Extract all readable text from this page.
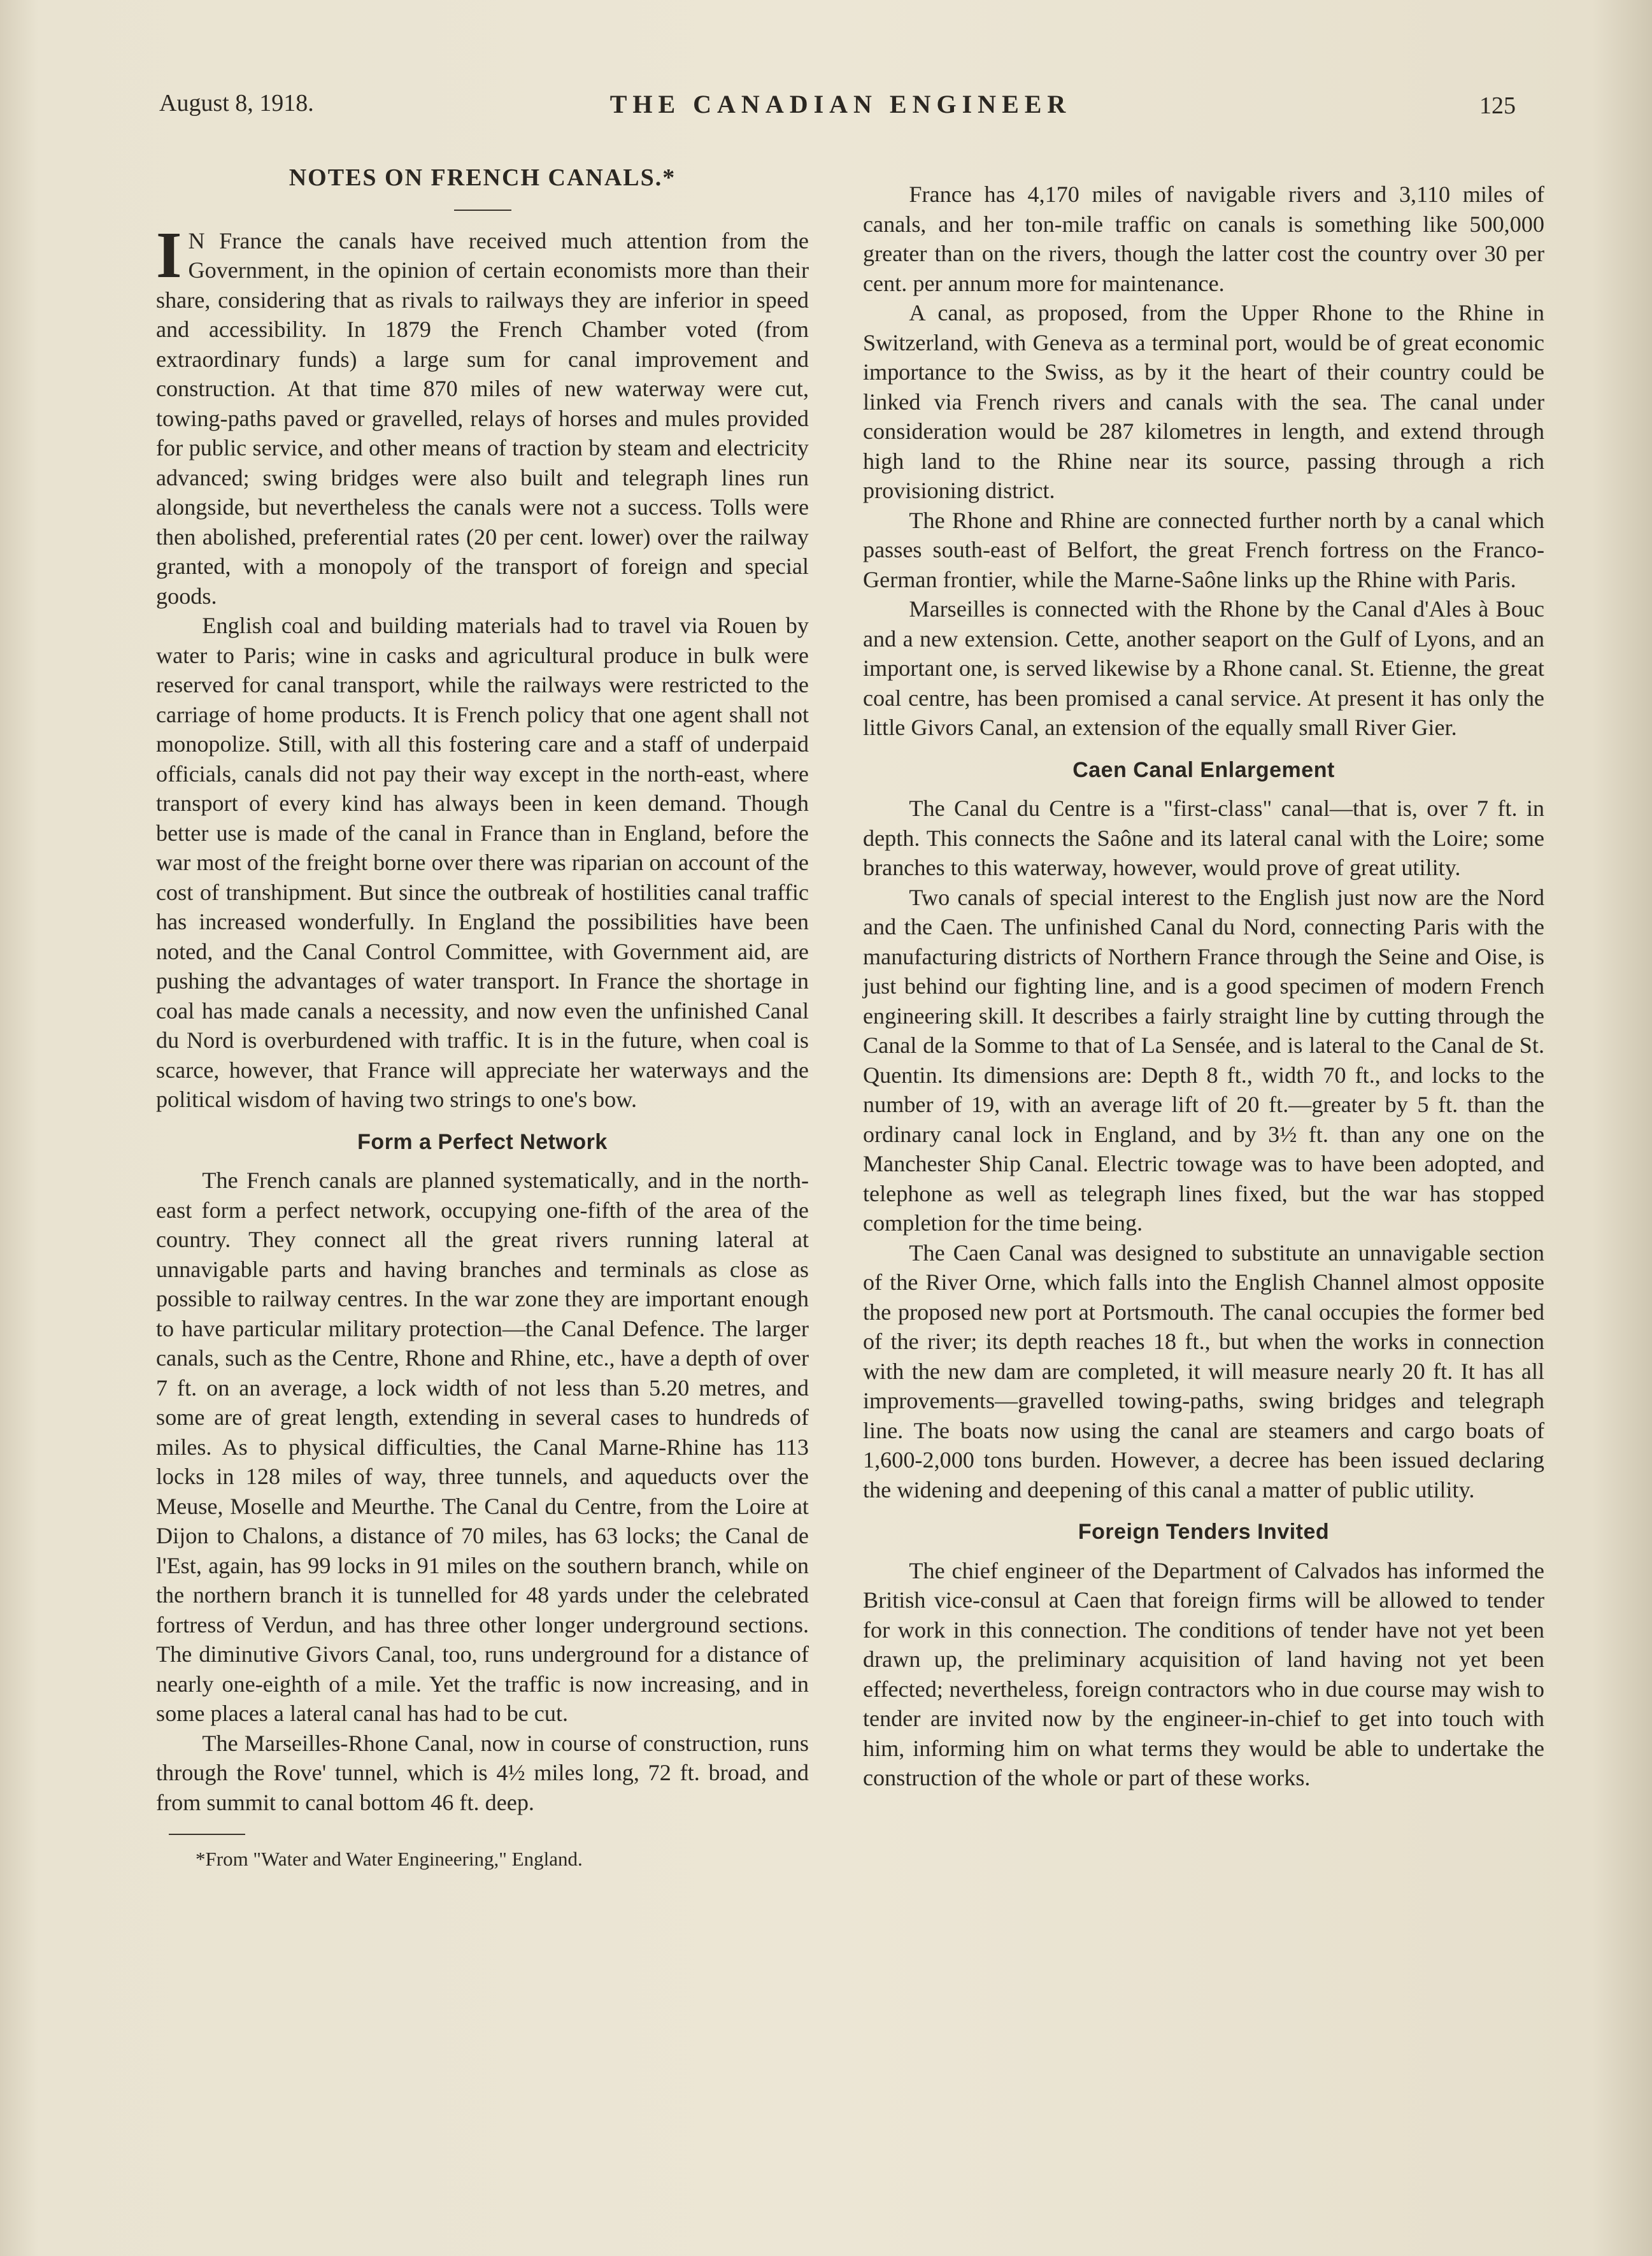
August 8, 1918.	THE CANADIAN ENGINEER	125
NOTES ON FRENCH CANALS.*

I N France the canals have received much attention from the Government, in the opinion of certain economists more than their share, considering that as rivals to railways they are inferior in speed and accessibility. In 1879 the French Chamber voted (from extraordinary funds) a large sum for canal improvement and construction. At that time 870 miles of new waterway were cut, towing-paths paved or gravelled, relays of horses and mules provided for public service, and other means of traction by steam and electricity advanced; swing bridges were also built and telegraph lines run alongside, but nevertheless the canals were not a success. Tolls were then abolished, preferential rates (20 per cent. lower) over the railway granted, with a monopoly of the transport of foreign and special goods.

English coal and building materials had to travel via Rouen by water to Paris; wine in casks and agricultural produce in bulk were reserved for canal transport, while the railways were restricted to the carriage of home products. It is French policy that one agent shall not monopolize. Still, with all this fostering care and a staff of underpaid officials, canals did not pay their way except in the north-east, where transport of every kind has always been in keen demand. Though better use is made of the canal in France than in England, before the war most of the freight borne over there was riparian on account of the cost of transhipment. But since the outbreak of hostilities canal traffic has increased wonderfully. In England the possibilities have been noted, and the Canal Control Committee, with Government aid, are pushing the advantages of water transport. In France the shortage in coal has made canals a necessity, and now even the unfinished Canal du Nord is overburdened with traffic. It is in the future, when coal is scarce, however, that France will appreciate her waterways and the political wisdom of having two strings to one's bow.

Form a Perfect Network

The French canals are planned systematically, and in the north-east form a perfect network, occupying one-fifth of the area of the country. They connect all the great rivers running lateral at unnavigable parts and having branches and terminals as close as possible to railway centres. In the war zone they are important enough to have particular military protection—the Canal Defence. The larger canals, such as the Centre, Rhone and Rhine, etc., have a depth of over 7 ft. on an average, a lock width of not less than 5.20 metres, and some are of great length, extending in several cases to hundreds of miles. As to physical difficulties, the Canal Marne-Rhine has 113 locks in 128 miles of way, three tunnels, and aqueducts over the Meuse, Moselle and Meurthe. The Canal du Centre, from the Loire at Dijon to Chalons, a distance of 70 miles, has 63 locks; the Canal de l'Est, again, has 99 locks in 91 miles on the southern branch, while on the northern branch it is tunnelled for 48 yards under the celebrated fortress of Verdun, and has three other longer underground sections. The diminutive Givors Canal, too, runs underground for a distance of nearly one-eighth of a mile. Yet the traffic is now increasing, and in some places a lateral canal has had to be cut.

The Marseilles-Rhone Canal, now in course of construction, runs through the Rove' tunnel, which is 4½ miles long, 72 ft. broad, and from summit to canal bottom 46 ft. deep.

*From "Water and Water Engineering," England.

France has 4,170 miles of navigable rivers and 3,110 miles of canals, and her ton-mile traffic on canals is something like 500,000 greater than on the rivers, though the latter cost the country over 30 per cent. per annum more for maintenance.

A canal, as proposed, from the Upper Rhone to the Rhine in Switzerland, with Geneva as a terminal port, would be of great economic importance to the Swiss, as by it the heart of their country could be linked via French rivers and canals with the sea. The canal under consideration would be 287 kilometres in length, and extend through high land to the Rhine near its source, passing through a rich provisioning district.

The Rhone and Rhine are connected further north by a canal which passes south-east of Belfort, the great French fortress on the Franco-German frontier, while the Marne-Saône links up the Rhine with Paris.

Marseilles is connected with the Rhone by the Canal d'Ales à Bouc and a new extension. Cette, another seaport on the Gulf of Lyons, and an important one, is served likewise by a Rhone canal. St. Etienne, the great coal centre, has been promised a canal service. At present it has only the little Givors Canal, an extension of the equally small River Gier.

Caen Canal Enlargement

The Canal du Centre is a "first-class" canal—that is, over 7 ft. in depth. This connects the Saône and its lateral canal with the Loire; some branches to this waterway, however, would prove of great utility.

Two canals of special interest to the English just now are the Nord and the Caen. The unfinished Canal du Nord, connecting Paris with the manufacturing districts of Northern France through the Seine and Oise, is just behind our fighting line, and is a good specimen of modern French engineering skill. It describes a fairly straight line by cutting through the Canal de la Somme to that of La Sensée, and is lateral to the Canal de St. Quentin. Its dimensions are: Depth 8 ft., width 70 ft., and locks to the number of 19, with an average lift of 20 ft.—greater by 5 ft. than the ordinary canal lock in England, and by 3½ ft. than any one on the Manchester Ship Canal. Electric towage was to have been adopted, and telephone as well as telegraph lines fixed, but the war has stopped completion for the time being.

The Caen Canal was designed to substitute an unnavigable section of the River Orne, which falls into the English Channel almost opposite the proposed new port at Portsmouth. The canal occupies the former bed of the river; its depth reaches 18 ft., but when the works in connection with the new dam are completed, it will measure nearly 20 ft. It has all improvements—gravelled towing-paths, swing bridges and telegraph line. The boats now using the canal are steamers and cargo boats of 1,600-2,000 tons burden. However, a decree has been issued declaring the widening and deepening of this canal a matter of public utility.

Foreign Tenders Invited

The chief engineer of the Department of Calvados has informed the British vice-consul at Caen that foreign firms will be allowed to tender for work in this connection. The conditions of tender have not yet been drawn up, the preliminary acquisition of land having not yet been effected; nevertheless, foreign contractors who in due course may wish to tender are invited now by the engineer-in-chief to get into touch with him, informing him on what terms they would be able to undertake the construction of the whole or part of these works.
